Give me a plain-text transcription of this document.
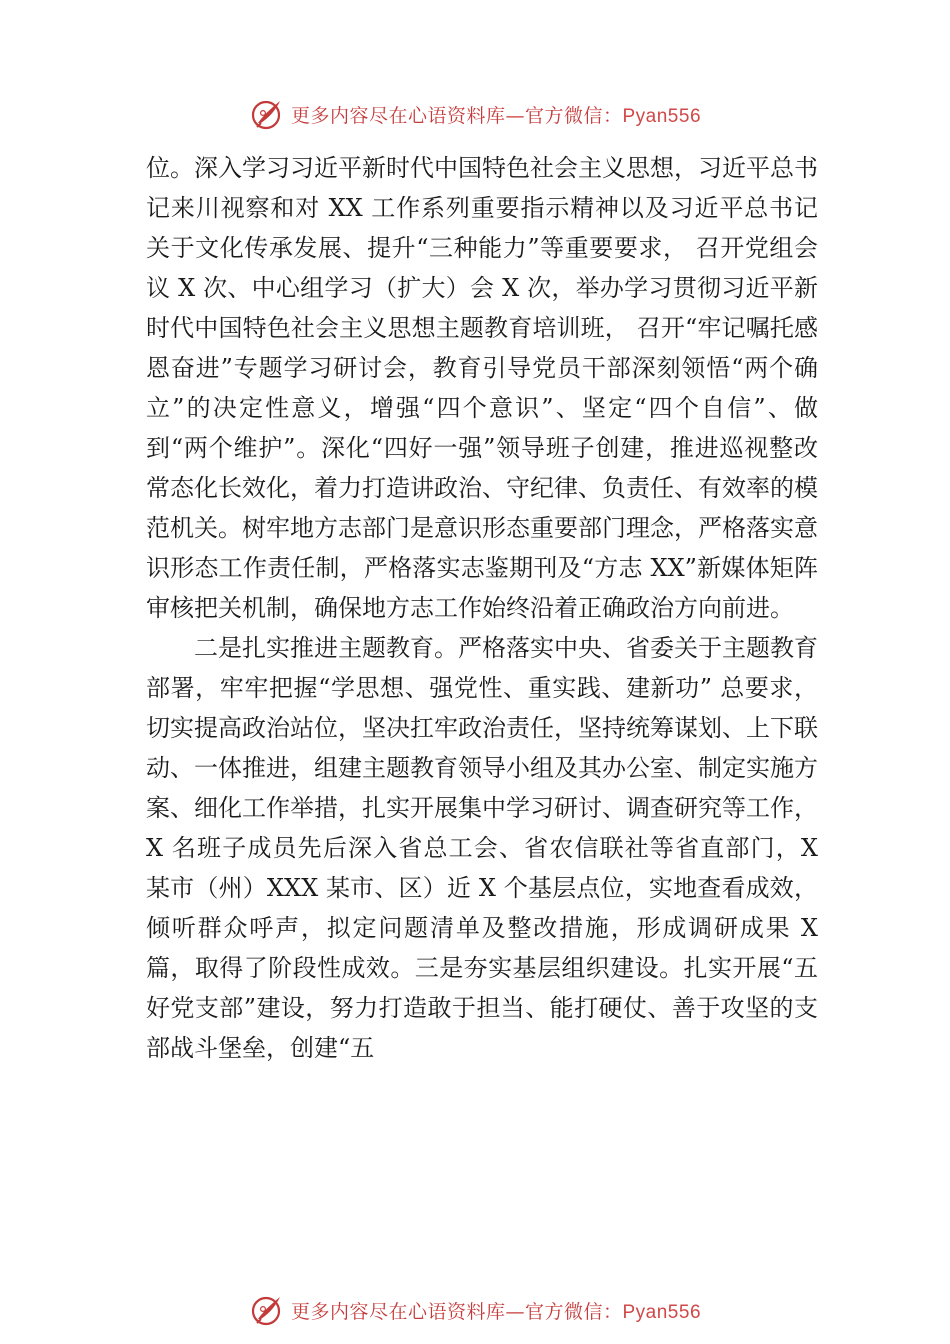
更多内容尽在心语资料库—官方微信：Pyan556

位。深入学习习近平新时代中国特色社会主义思想，习近平总书记来川视察和对 XX 工作系列重要指示精神以及习近平总书记关于文化传承发展、提升“三种能力”等重要要求， 召开党组会议 X 次、中心组学习（扩大）会 X 次，举办学习贯彻习近平新时代中国特色社会主义思想主题教育培训班， 召开“牢记嘱托感恩奋进”专题学习研讨会，教育引导党员干部深刻领悟“两个确立”的决定性意义，增强“四个意识”、坚定“四个自信”、做到“两个维护”。深化“四好一强”领导班子创建，推进巡视整改常态化长效化，着力打造讲政治、守纪律、负责任、有效率的模范机关。树牢地方志部门是意识形态重要部门理念，严格落实意识形态工作责任制，严格落实志鉴期刊及“方志 XX”新媒体矩阵审核把关机制，确保地方志工作始终沿着正确政治方向前进。

二是扎实推进主题教育。严格落实中央、省委关于主题教育部署，牢牢把握“学思想、强党性、重实践、建新功” 总要求，切实提高政治站位，坚决扛牢政治责任，坚持统筹谋划、上下联动、一体推进，组建主题教育领导小组及其办公室、制定实施方案、细化工作举措，扎实开展集中学习研讨、调查研究等工作，X 名班子成员先后深入省总工会、省农信联社等省直部门，X 某市（州）XXX 某市、区）近 X 个基层点位，实地查看成效，倾听群众呼声，拟定问题清单及整改措施，形成调研成果 X 篇，取得了阶段性成效。三是夯实基层组织建设。扎实开展“五好党支部”建设，努力打造敢于担当、能打硬仗、善于攻坚的支部战斗堡垒，创建“五

更多内容尽在心语资料库—官方微信：Pyan556
